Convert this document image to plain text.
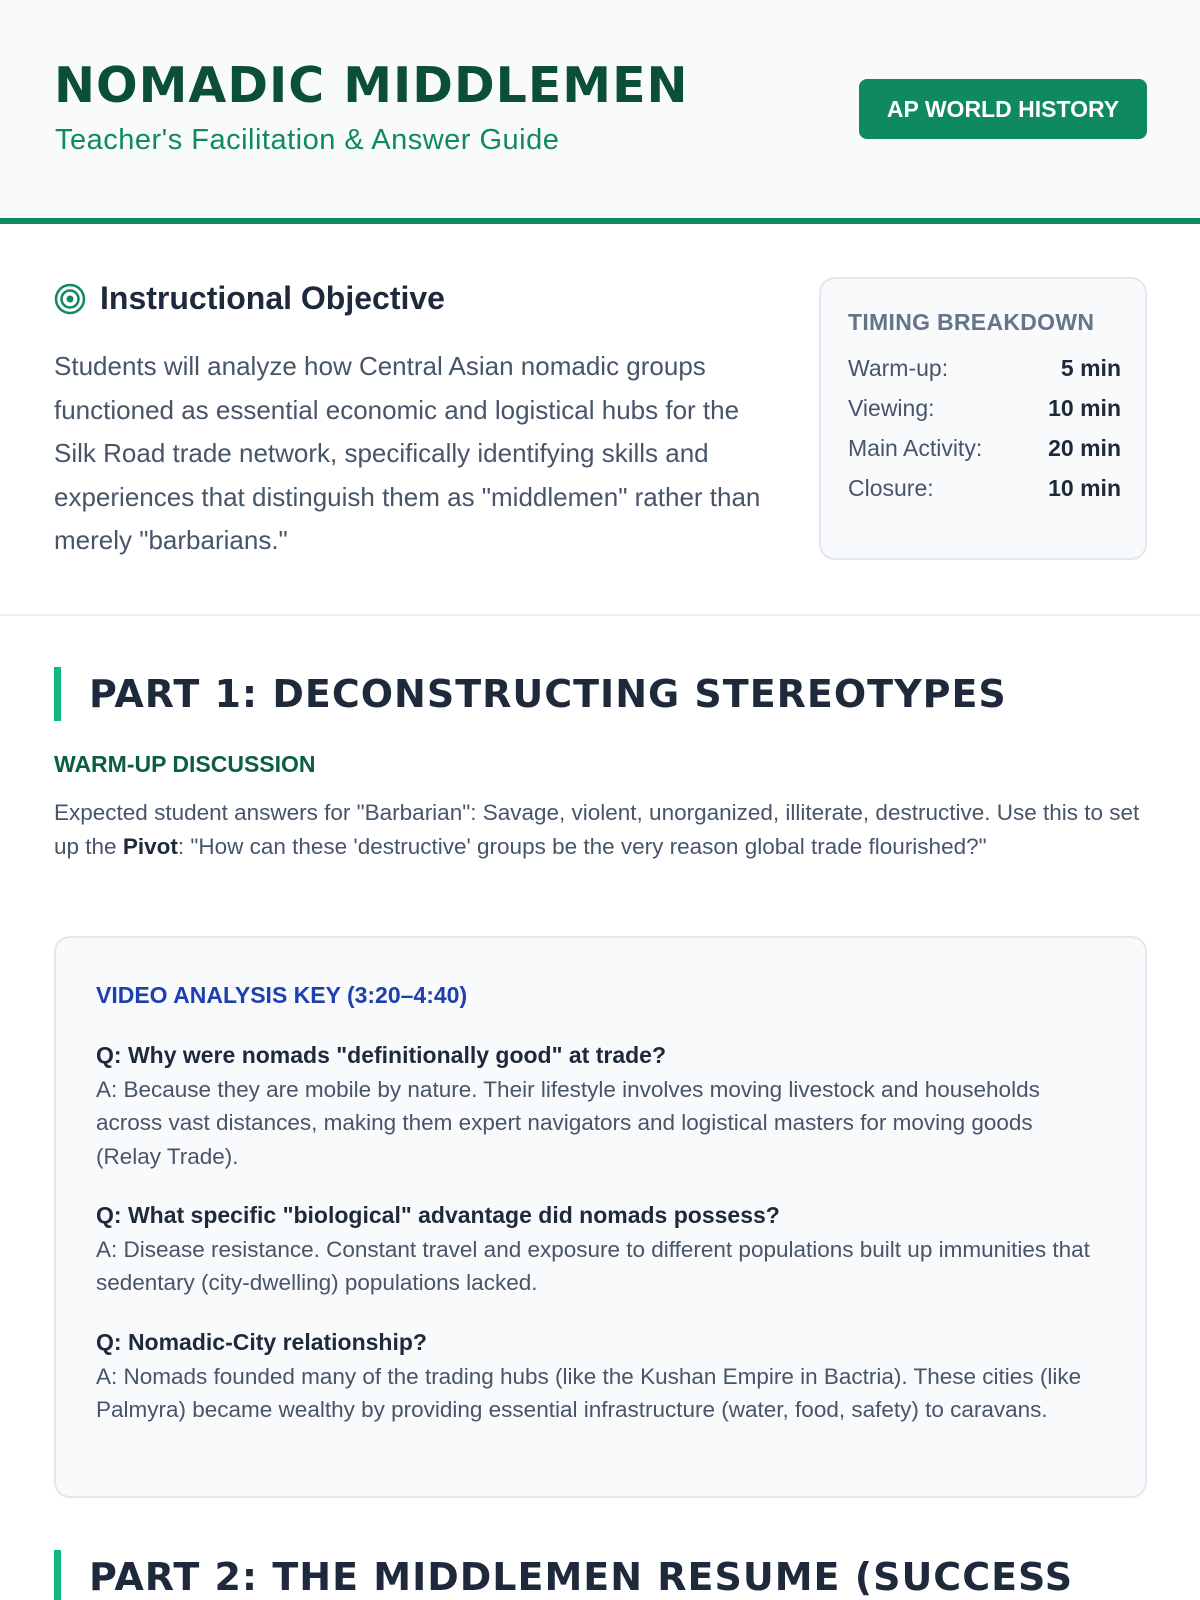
NOMADIC MIDDLEMEN
Teacher's Facilitation & Answer Guide
AP WORLD HISTORY
Instructional Objective

Students will analyze how Central Asian nomadic groups functioned as essential economic and logistical hubs for the Silk Road trade network, specifically identifying skills and experiences that distinguish them as "middlemen" rather than merely "barbarians."

TIMING BREAKDOWN
Warm-up:	5 min
Viewing:	10 min
Main Activity:	20 min
Closure:	10 min
PART 1: DECONSTRUCTING STEREOTYPES
WARM-UP DISCUSSION

Expected student answers for "Barbarian": Savage, violent, unorganized, illiterate, destructive. Use this to set up the Pivot: "How can these 'destructive' groups be the very reason global trade flourished?"

VIDEO ANALYSIS KEY (3:20–4:40)
Q: Why were nomads "definitionally good" at trade?
A: Because they are mobile by nature. Their lifestyle involves moving livestock and households across vast distances, making them expert navigators and logistical masters for moving goods (Relay Trade).
Q: What specific "biological" advantage did nomads possess?
A: Disease resistance. Constant travel and exposure to different populations built up immunities that sedentary (city-dwelling) populations lacked.
Q: Nomadic-City relationship?
A: Nomads founded many of the trading hubs (like the Kushan Empire in Bactria). These cities (like Palmyra) became wealthy by providing essential infrastructure (water, food, safety) to caravans.
PART 2: THE MIDDLEMEN RESUME (SUCCESS
